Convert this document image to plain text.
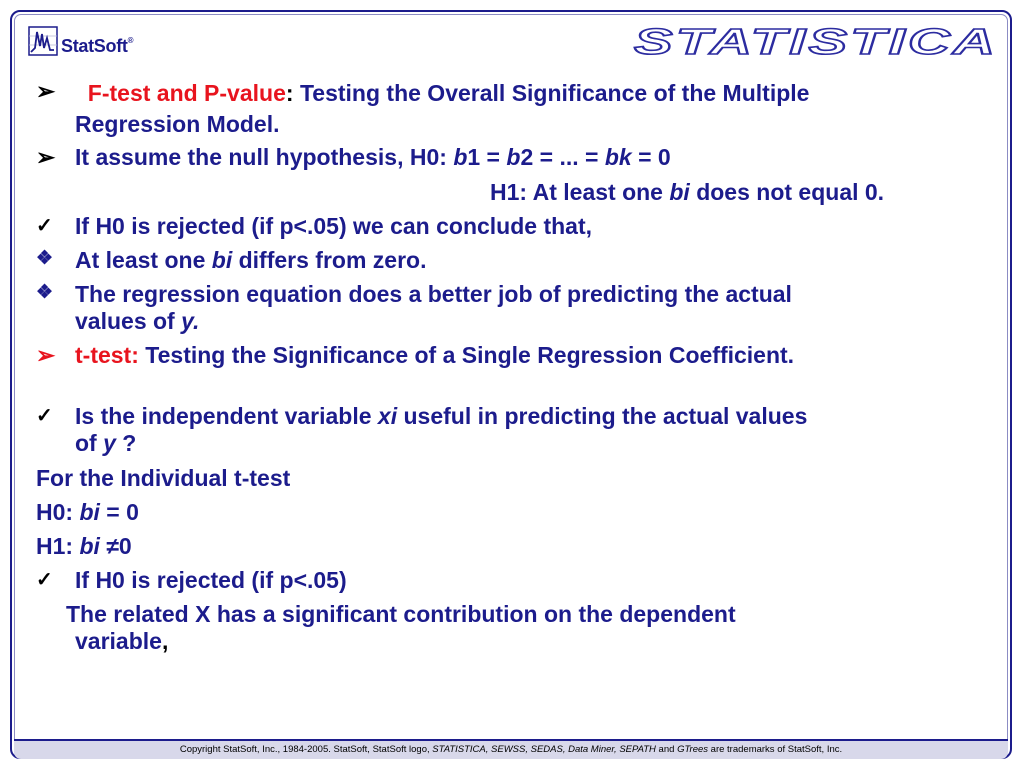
StatSoft®	STATISTICA
➢	F-test and P-value: Testing the Overall Significance of the Multiple
Regression Model.
➢ It assume the null hypothesis, H0: b1 = b2 = ... = bk = 0
H1: At least one bi does not equal 0.
✓ If H0 is rejected (if p<.05) we can conclude that,
❖ At least one bi differs from zero.
❖ The regression equation does a better job of predicting the actual
values of y.
➢ t-test: Testing the Significance of a Single Regression Coefficient.
✓ Is the independent variable xi useful in predicting the actual values
of y ?
For the Individual t-test
H0: bi = 0
H1: bi ≠0
✓ If H0 is rejected (if p<.05)
The related X has a significant contribution on the dependent
variable,
Copyright StatSoft, Inc., 1984-2005. StatSoft, StatSoft logo, STATISTICA, SEWSS, SEDAS, Data Miner, SEPATH and GTrees are trademarks of StatSoft, Inc.
